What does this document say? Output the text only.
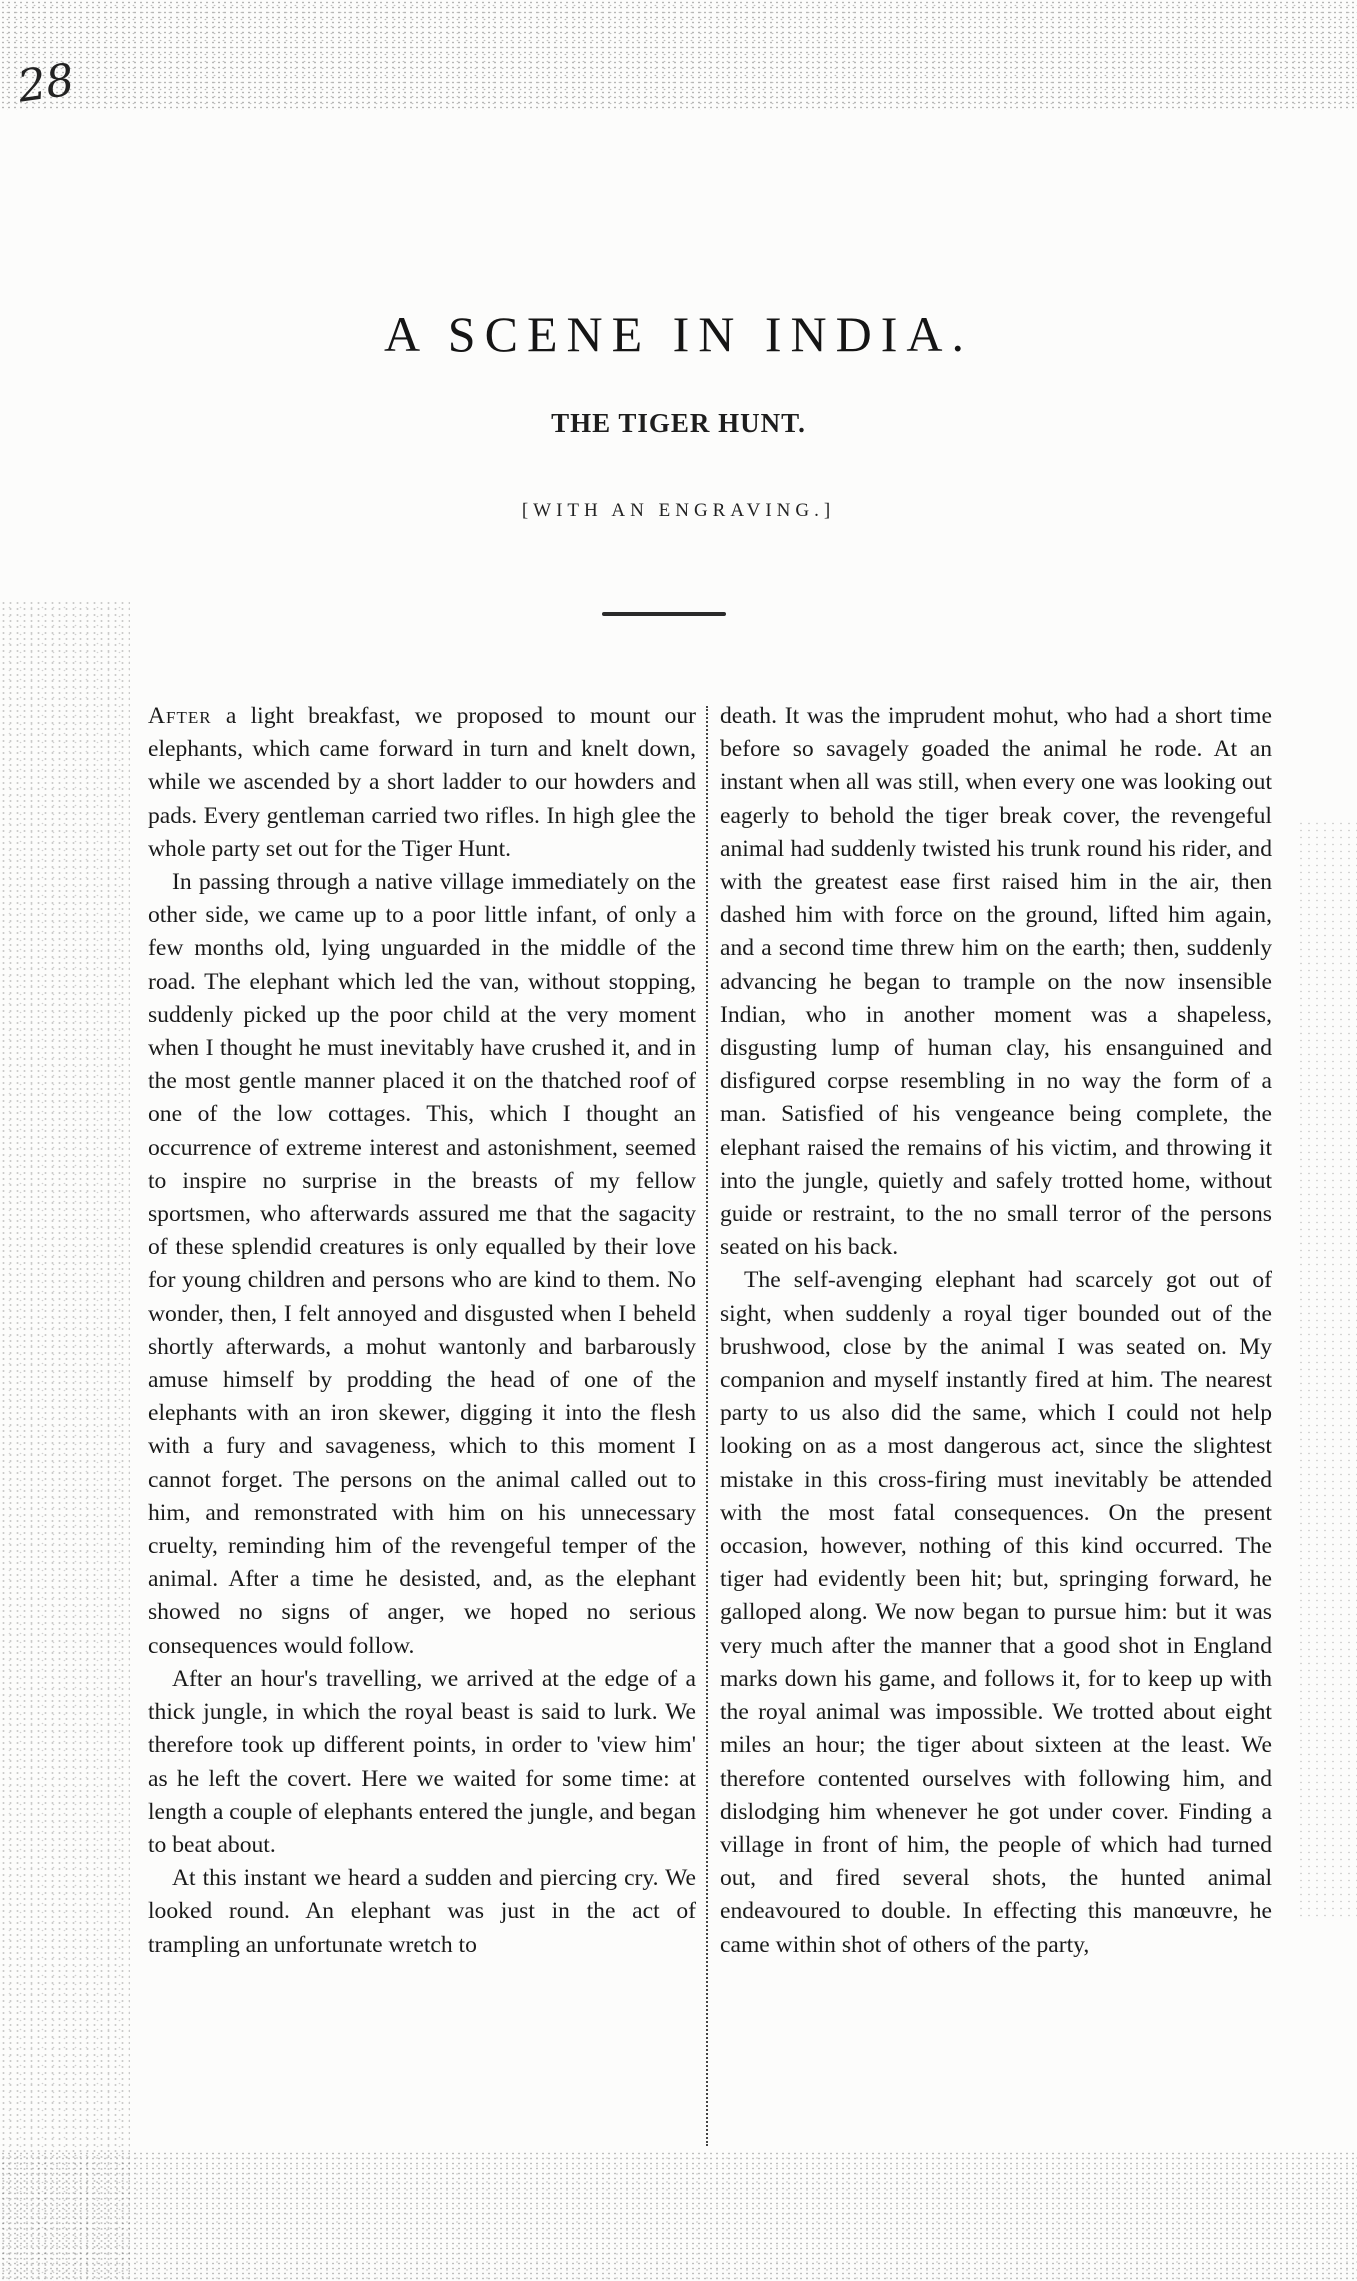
28
A SCENE IN INDIA.
THE TIGER HUNT.
[WITH AN ENGRAVING.]

After a light breakfast, we proposed to mount our elephants, which came forward in turn and knelt down, while we ascended by a short ladder to our howders and pads. Every gentleman carried two rifles. In high glee the whole party set out for the Tiger Hunt.

In passing through a native village immediately on the other side, we came up to a poor little infant, of only a few months old, lying unguarded in the middle of the road. The elephant which led the van, without stopping, suddenly picked up the poor child at the very moment when I thought he must inevitably have crushed it, and in the most gentle manner placed it on the thatched roof of one of the low cottages. This, which I thought an occurrence of extreme interest and astonishment, seemed to inspire no surprise in the breasts of my fellow sportsmen, who afterwards assured me that the sagacity of these splendid creatures is only equalled by their love for young children and persons who are kind to them. No wonder, then, I felt annoyed and disgusted when I beheld shortly afterwards, a mohut wantonly and barbarously amuse himself by prodding the head of one of the elephants with an iron skewer, digging it into the flesh with a fury and savageness, which to this moment I cannot forget. The persons on the animal called out to him, and remonstrated with him on his unnecessary cruelty, reminding him of the revengeful temper of the animal. After a time he desisted, and, as the elephant showed no signs of anger, we hoped no serious consequences would follow.

After an hour's travelling, we arrived at the edge of a thick jungle, in which the royal beast is said to lurk. We therefore took up different points, in order to 'view him' as he left the covert. Here we waited for some time: at length a couple of elephants entered the jungle, and began to beat about.

At this instant we heard a sudden and piercing cry. We looked round. An elephant was just in the act of trampling an unfortunate wretch to

death. It was the imprudent mohut, who had a short time before so savagely goaded the animal he rode. At an instant when all was still, when every one was looking out eagerly to behold the tiger break cover, the revengeful animal had suddenly twisted his trunk round his rider, and with the greatest ease first raised him in the air, then dashed him with force on the ground, lifted him again, and a second time threw him on the earth; then, suddenly advancing he began to trample on the now insensible Indian, who in another moment was a shapeless, disgusting lump of human clay, his ensanguined and disfigured corpse resembling in no way the form of a man. Satisfied of his vengeance being complete, the elephant raised the remains of his victim, and throwing it into the jungle, quietly and safely trotted home, without guide or restraint, to the no small terror of the persons seated on his back.

The self-avenging elephant had scarcely got out of sight, when suddenly a royal tiger bounded out of the brushwood, close by the animal I was seated on. My companion and myself instantly fired at him. The nearest party to us also did the same, which I could not help looking on as a most dangerous act, since the slightest mistake in this cross-firing must inevitably be attended with the most fatal consequences. On the present occasion, however, nothing of this kind occurred. The tiger had evidently been hit; but, springing forward, he galloped along. We now began to pursue him: but it was very much after the manner that a good shot in England marks down his game, and follows it, for to keep up with the royal animal was impossible. We trotted about eight miles an hour; the tiger about sixteen at the least. We therefore contented ourselves with following him, and dislodging him whenever he got under cover. Finding a village in front of him, the people of which had turned out, and fired several shots, the hunted animal endeavoured to double. In effecting this manœuvre, he came within shot of others of the party,
